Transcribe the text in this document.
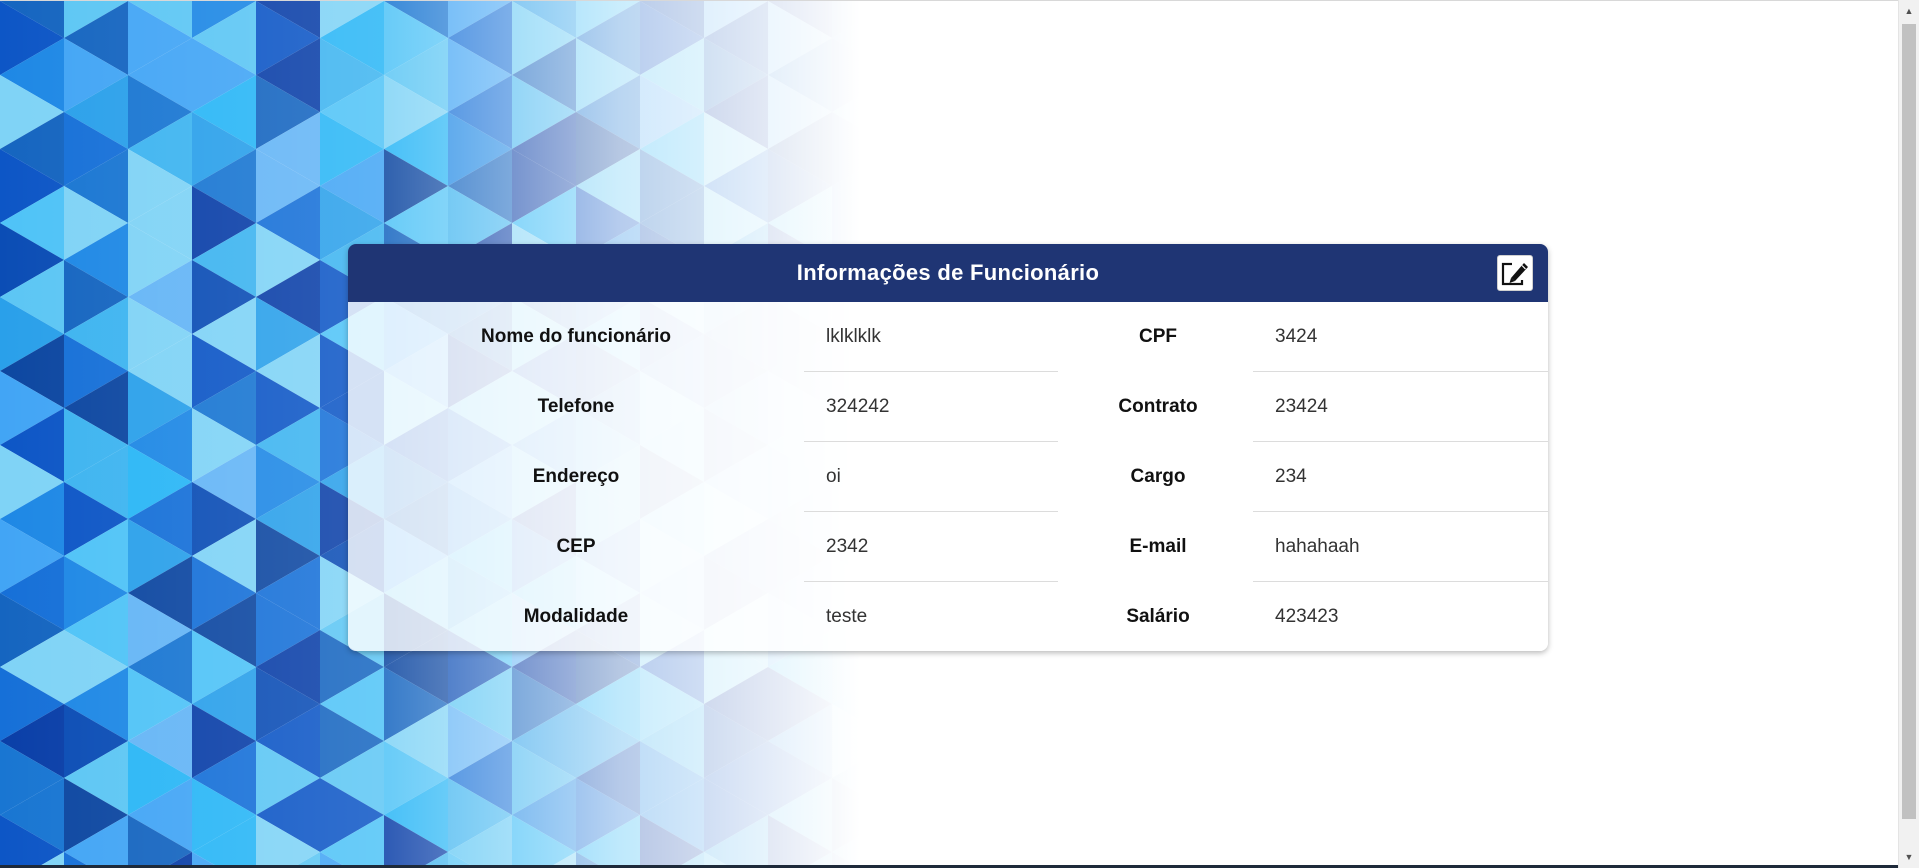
Informações de Funcionário
Nome do funcionário	lklklklk	CPF	3424
Telefone	324242	Contrato	23424
Endereço	oi	Cargo	234
CEP	2342	E-mail	hahahaah
Modalidade	teste	Salário	423423
▲
▼
